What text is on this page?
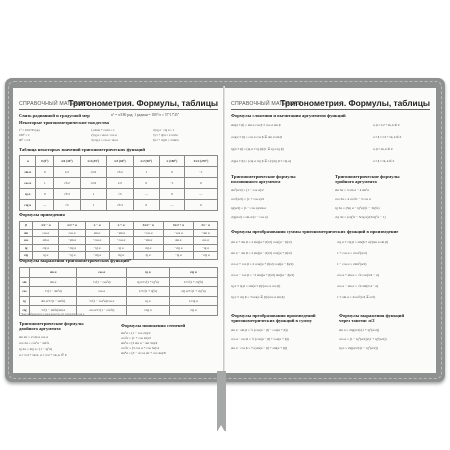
СПРАВОЧНЫЙ МАТЕРИАЛ
Тригонометрия. Формулы, таблицы
Связь радианной и градусной мер	n° = π/180 рад; 1 радиан = 180°/π ≈ 57°17'45"
Некоторые тригонометрические тождества
1° ≈ 0,01745 рад	1) sin²α + cos²α = 1	4) tg α · ctg α = 1
180° = π	2) tg α = sin α / cos α	5) 1 + tg²α = 1/cos²α
90° = π/2	3) ctg α = cos α / sin α	6) 1 + ctg²α = 1/sin²α
Таблица некоторых значений тригонометрических функций
α	0 (0°)	π/6 (30°)	π/4 (45°)	π/3 (60°)	π/2 (90°)	π (180°)	3π/2 (270°)
sin α	0	1/2	√2/2	√3/2	1	0	−1
cos α	1	√3/2	√2/2	1/2	0	−1	0
tg α	0	√3/3	1	√3	—	0	—
ctg α	—	√3	1	√3/3	0	—	0
Формулы приведения
β	π/2 − α	π/2 + α	π − α	π + α	3π/2 − α	3π/2 + α	2π − α
sin	cos α	cos α	sin α	−sin α	−cos α	−cos α	−sin α
cos	sin α	−sin α	−cos α	−cos α	−sin α	sin α	cos α
tg	ctg α	−ctg α	−tg α	tg α	ctg α	−ctg α	−tg α
ctg	tg α	−tg α	−ctg α	ctg α	tg α	−tg α	−ctg α
Формулы выражения тригонометрических функций*
	sin α	cos α	tg α	ctg α
sin	sin α	±√(1 − cos²α)	tg α/±√(1 + tg²α)	1/±√(1 + ctg²α)
cos	±√(1 − sin²α)	cos α	1/±√(1 + tg²α)	ctg α/±√(1 + ctg²α)
tg	sin α/±√(1 − sin²α)	±√(1 − cos²α)/cos α	tg α	1/ctg α
ctg	±√(1 − sin²α)/sin α	cos α/±√(1 − cos²α)	1/tg α	ctg α
* Знак выбирается в зависимости от четверти угла α
Тригонометрические формулы
двойного аргумента
sin 2α = 2 sin α cos α
cos 2α = cos²α − sin²α
tg 2α = 2tg α / (1 − tg²α)
α ≠ π/4 + πk/2, α ≠ π/2 + πk, k ∈ Z
Формулы понижения степеней
sin²α = (1 − cos 2α)/2
cos²α = (1 + cos 2α)/2
sin³α = (3 sin α − sin 3α)/4
cos³α = (3 cos α + cos 3α)/4
sin⁴α = (3 − 4 cos 2α + cos 4α)/8
СПРАВОЧНЫЙ МАТЕРИАЛ
Тригонометрия. Формулы, таблицы
Формулы сложения и вычитания аргументов функций
sin(α ± β) = sin α cos β ± cos α sin β
cos(α ± β) = cos α cos β ∓ sin α sin β
tg(α ± β) = (tg α ± tg β)/(1 ∓ tg α tg β)
ctg(α ± β) = (ctg α ctg β ∓ 1)/(ctg β ± ctg α)
α, β ≠ π/2 + πk, k ∈ Z
α ± β ≠ π/2 + πk, k ∈ Z
α, β ≠ πk, k ∈ Z
α ± β ≠ πk, k ∈ Z
Тригонометрические формулы
половинного аргумента
sin²(α/2) = (1 − cos α)/2
cos²(α/2) = (1 + cos α)/2
tg(α/2) = (1 − cos α)/sin α
ctg(α/2) = sin α/(1 − cos α)
Тригонометрические формулы
тройного аргумента
sin 3α = 3 sin α − 4 sin³α
cos 3α = 4 cos³α − 3 cos α
tg 3α = (3tg α − tg³α)/(1 − 3tg²α)
ctg 3α = (ctg³α − 3ctg α)/(3ctg²α − 1)
Формулы преобразования суммы тригонометрических функций в произведение
sin α + sin β = 2 sin((α + β)/2) cos((α − β)/2)
sin α − sin β = 2 sin((α − β)/2) cos((α + β)/2)
cos α + cos β = 2 cos((α + β)/2) cos((α − β)/2)
cos α − cos β = −2 sin((α + β)/2) sin((α − β)/2)
tg α ± tg β = sin(α ± β)/(cos α cos β)
tg α ± ctg β = ±cos(α ∓ β)/(cos α sin β)
ctg α ± ctg β = sin(β ± α)/(sin α sin β)
1 + cos α = 2cos²(α/2)
1 − cos α = 2sin²(α/2)
cos α + sin α = √2 cos(π/4 − α)
cos α − sin α = √2 sin(π/4 − α)
1 ± sin α = 2cos²(π/4 ∓ α/2)
Формулы преобразования произведений
тригонометрических функций в сумму
sin α · sin β = ½ (cos(α − β) − cos(α + β))
cos α · cos β = ½ (cos(α − β) + cos(α + β))
sin α · cos β = ½ (sin(α − β) + sin(α + β))
Формулы выражения функций
через тангенс α/2
sin α = 2tg(α/2)/(1 + tg²(α/2))
cos α = (1 − tg²(α/2))/(1 + tg²(α/2))
tg α = 2tg(α/2)/(1 − tg²(α/2))
